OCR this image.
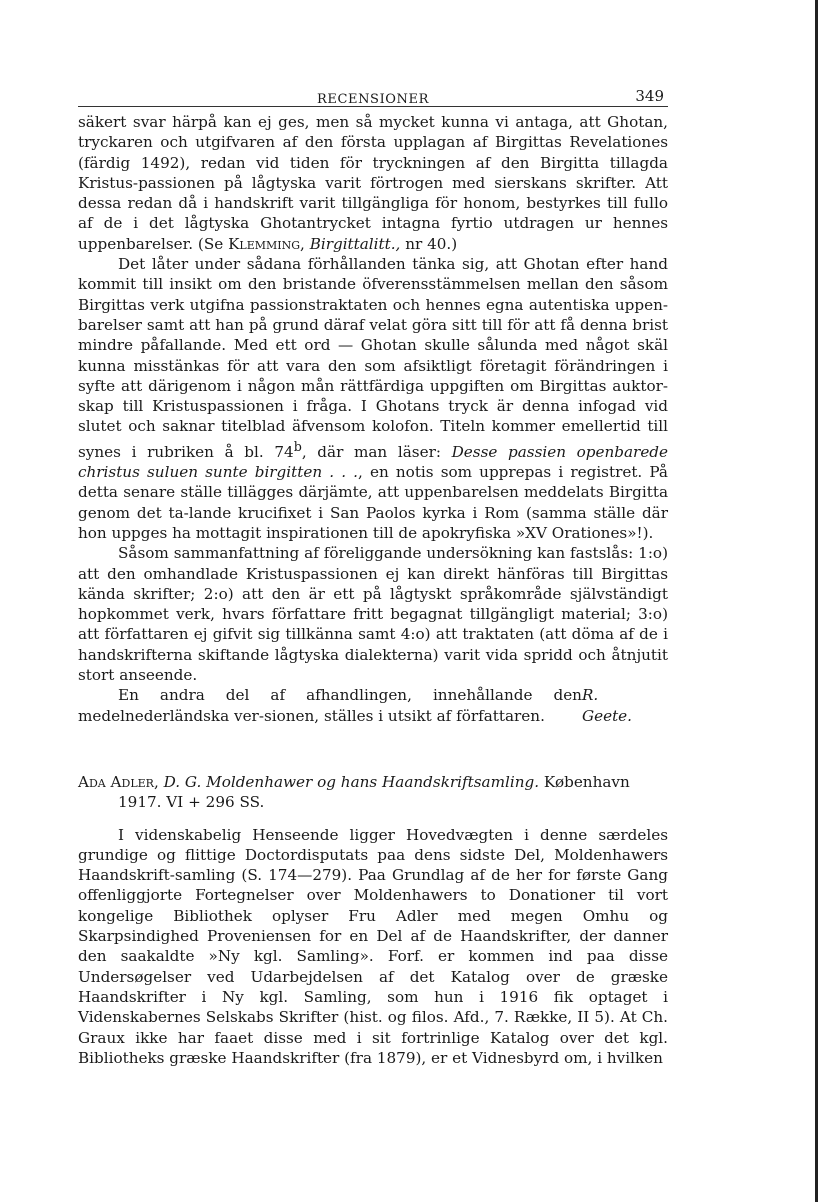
RECENSIONER	349

säkert svar härpå kan ej ges, men så mycket kunna vi antaga, att Ghotan, tryckaren och utgifvaren af den första upplagan af Birgittas Revelationes (färdig 1492), redan vid tiden för tryckningen af den Birgitta tillagda Kristus-passionen på lågtyska varit förtrogen med sierskans skrifter. Att dessa redan då i handskrift varit tillgängliga för honom, bestyrkes till fullo af de i det lågtyska Ghotantrycket intagna fyrtio utdragen ur hennes uppenbarelser. (Se Klemming, Birgittalitt., nr 40.)

Det låter under sådana förhållanden tänka sig, att Ghotan efter hand kommit till insikt om den bristande öfverensstämmelsen mellan den såsom Birgittas verk utgifna passionstraktaten och hennes egna autentiska uppen-barelser samt att han på grund däraf velat göra sitt till för att få denna brist mindre påfallande. Med ett ord — Ghotan skulle sålunda med något skäl kunna misstänkas för att vara den som afsiktligt företagit förändringen i syfte att därigenom i någon mån rättfärdiga uppgiften om Birgittas auktor-skap till Kristuspassionen i fråga. I Ghotans tryck är denna infogad vid slutet och saknar titelblad äfvensom kolofon. Titeln kommer emellertid till synes i rubriken å bl. 74$^b$, där man läser: Desse passien openbarede christus suluen sunte birgitten . . ., en notis som upprepas i registret. På detta senare ställe tillägges därjämte, att uppenbarelsen meddelats Birgitta genom det ta-lande krucifixet i San Paolos kyrka i Rom (samma ställe där hon uppges ha mottagit inspirationen till de apokryfiska »XV Orationes»!).

Såsom sammanfattning af föreliggande undersökning kan fastslås: 1:o) att den omhandlade Kristuspassionen ej kan direkt hänföras till Birgittas kända skrifter; 2:o) att den är ett på lågtyskt språkområde självständigt hopkommet verk, hvars författare fritt begagnat tillgängligt material; 3:o) att författaren ej gifvit sig tillkänna samt 4:o) att traktaten (att döma af de i handskrifterna skiftande lågtyska dialekterna) varit vida spridd och åtnjutit stort anseende.

En andra del af afhandlingen, innehållande den medelnederländska ver-sionen, ställes i utsikt af författaren.

R. Geete.

Ada Adler, D. G. Moldenhawer og hans Haandskriftsamling. København

1917. VI + 296 SS.

I videnskabelig Henseende ligger Hovedvægten i denne særdeles grundige og flittige Doctordisputats paa dens sidste Del, Moldenhawers Haandskrift-samling (S. 174—279). Paa Grundlag af de her for første Gang offenliggjorte Fortegnelser over Moldenhawers to Donationer til vort kongelige Bibliothek oplyser Fru Adler med megen Omhu og Skarpsindighed Proveniensen for en Del af de Haandskrifter, der danner den saakaldte »Ny kgl. Samling». Forf. er kommen ind paa disse Undersøgelser ved Udarbejdelsen af det Katalog over de græske Haandskrifter i Ny kgl. Samling, som hun i 1916 fik optaget i Videnskabernes Selskabs Skrifter (hist. og filos. Afd., 7. Række, II 5). At Ch. Graux ikke har faaet disse med i sit fortrinlige Katalog over det kgl. Bibliotheks græske Haandskrifter (fra 1879), er et Vidnesbyrd om, i hvilken
